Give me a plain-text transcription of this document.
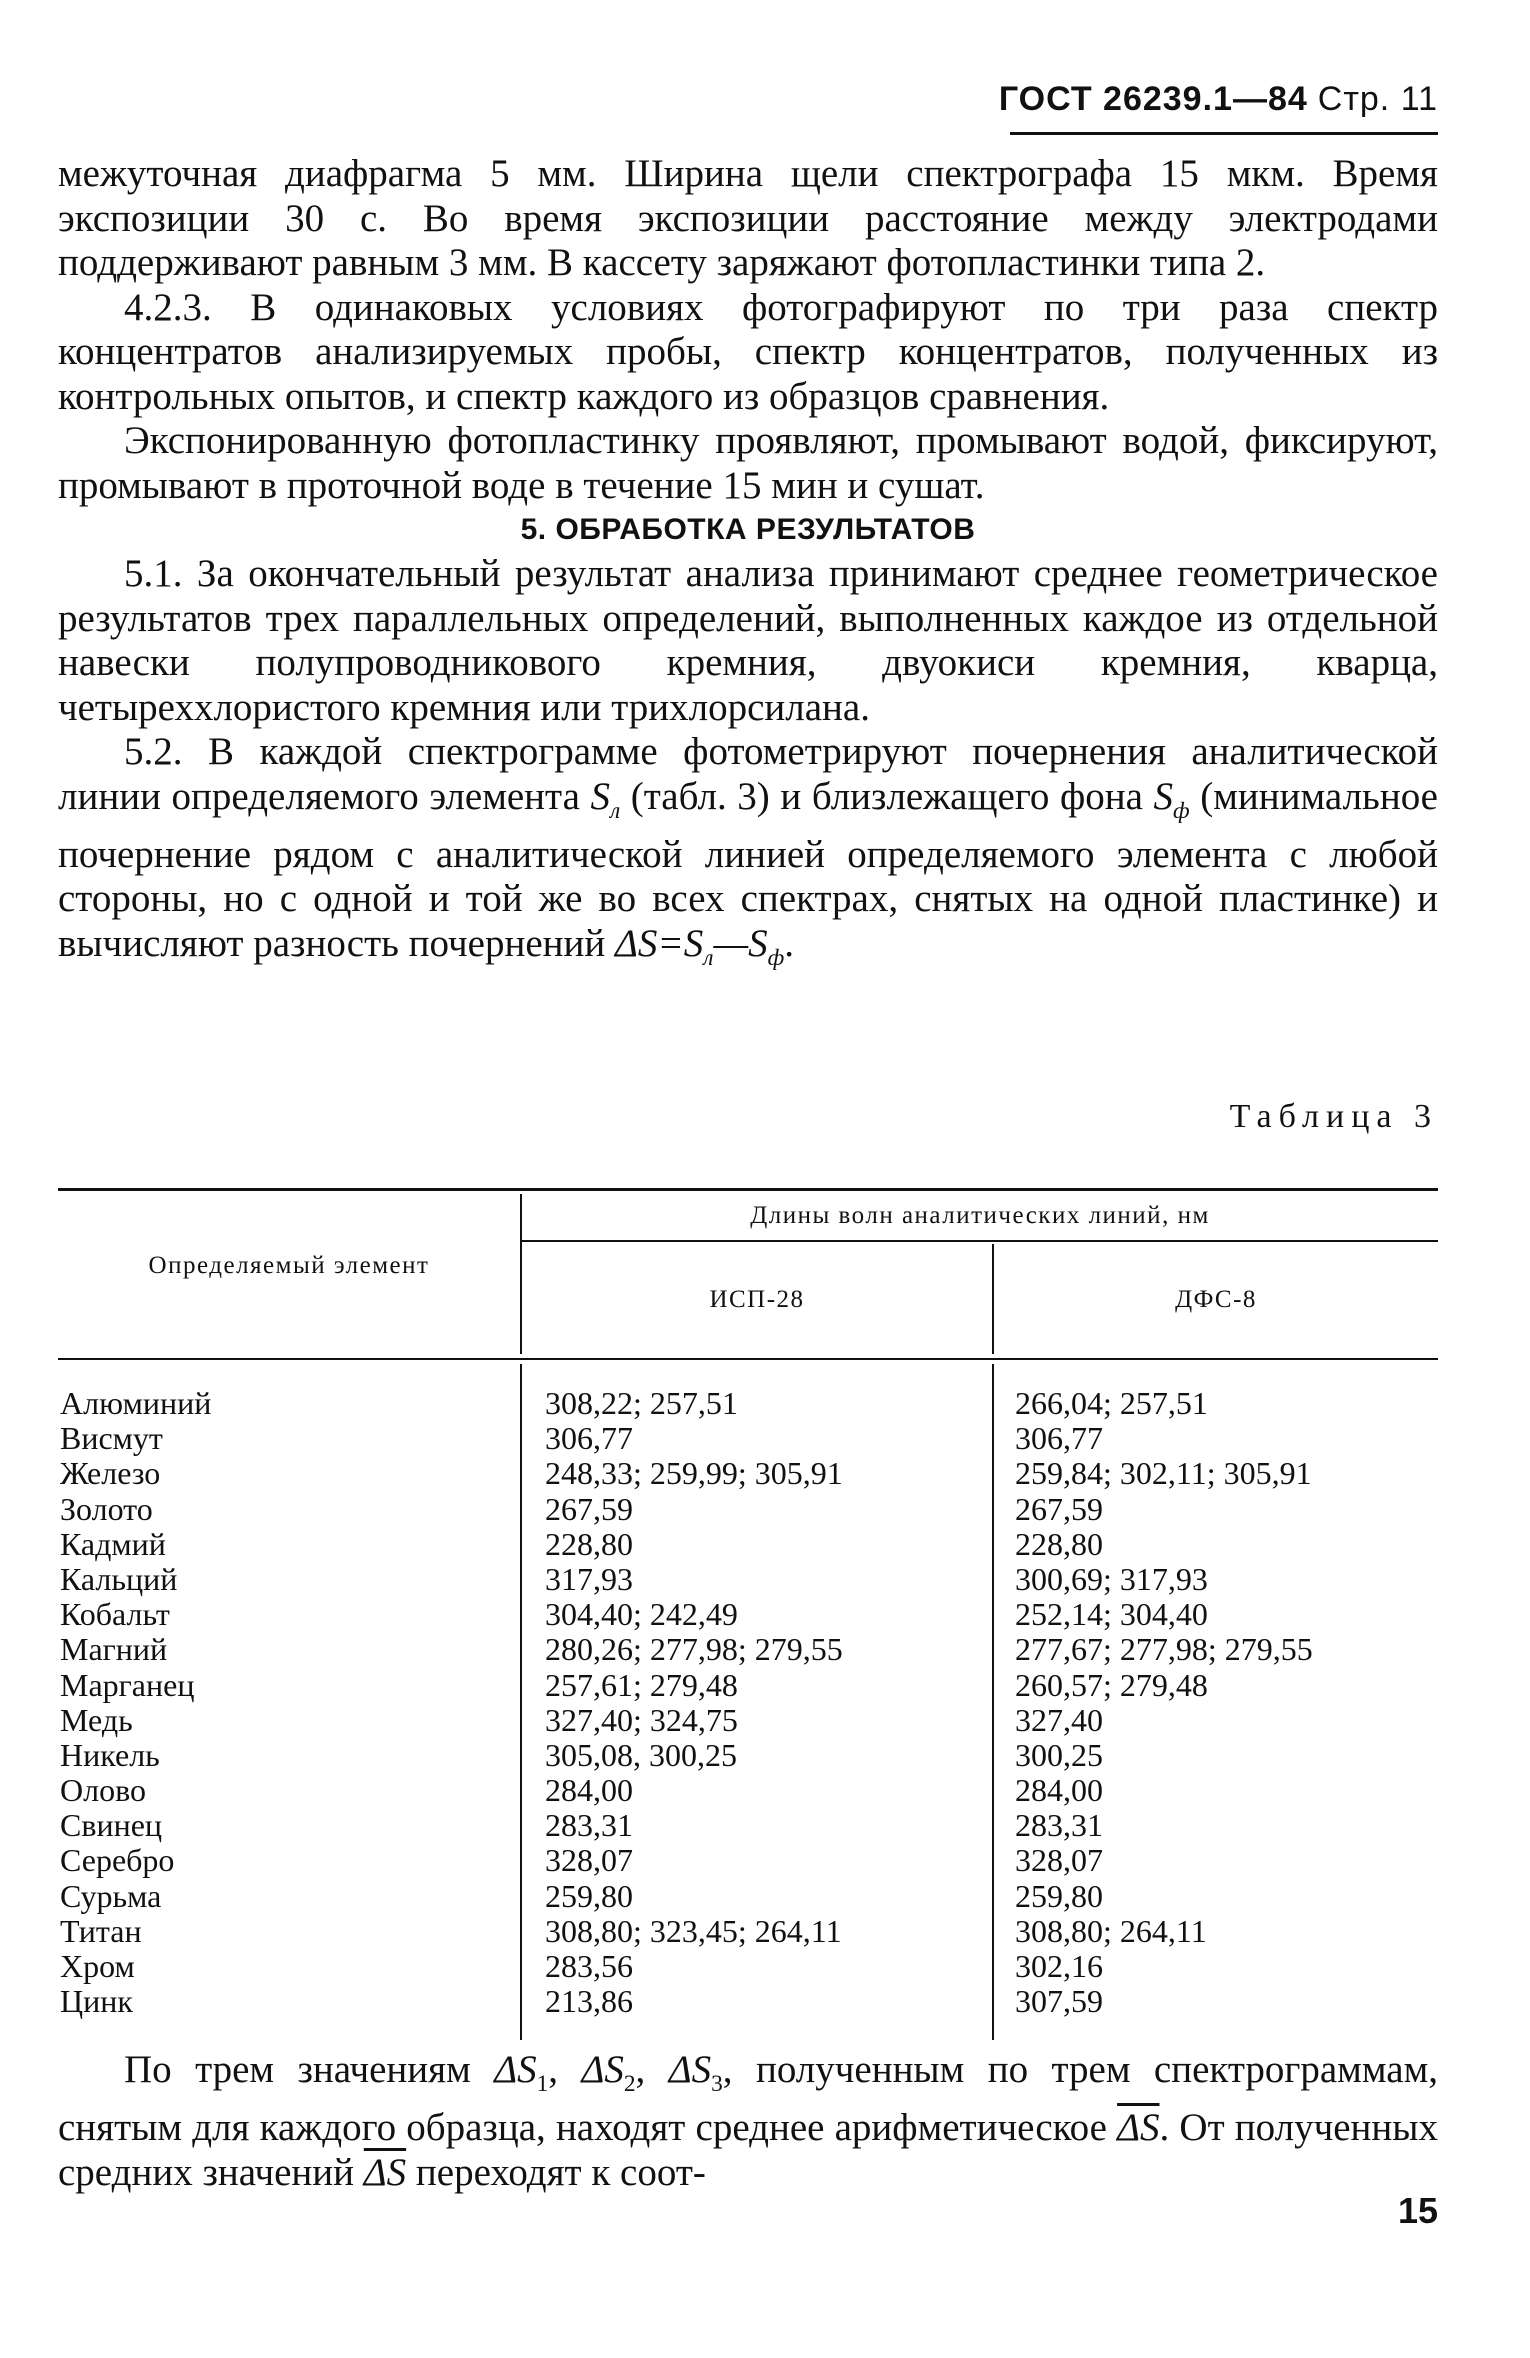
ГОСТ 26239.1—84 Стр. 11

межуточная диафрагма 5 мм. Ширина щели спектрографа 15 мкм. Время экспозиции 30 с. Во время экспозиции расстояние между электродами поддерживают равным 3 мм. В кассету заряжают фотопластинки типа 2.

4.2.3. В одинаковых условиях фотографируют по три раза спектр концентратов анализируемых пробы, спектр концентратов, полученных из контрольных опытов, и спектр каждого из образцов сравнения.

Экспонированную фотопластинку проявляют, промывают водой, фиксируют, промывают в проточной воде в течение 15 мин и сушат.

5. ОБРАБОТКА РЕЗУЛЬТАТОВ

5.1. За окончательный результат анализа принимают среднее геометрическое результатов трех параллельных определений, выполненных каждое из отдельной навески полупроводникового кремния, двуокиси кремния, кварца, четыреххлористого кремния или трихлорсилана.

5.2. В каждой спектрограмме фотометрируют почернения аналитической линии определяемого элемента $S_л$ (табл. 3) и близлежащего фона $S_ф$ (минимальное почернение рядом с аналитической линией определяемого элемента с любой стороны, но с одной и той же во всех спектрах, снятых на одной пластинке) и вычисляют разность почернений $\Delta S=S_л—S_ф$.

Таблица 3
Определяемый элемент
Длины волн аналитических линий, нм
ИСП-28	ДФС-8
Алюминий
Висмут
Железо
Золото
Кадмий
Кальций
Кобальт
Магний
Марганец
Медь
Никель
Олово
Свинец
Серебро
Сурьма
Титан
Хром
Цинк
308,22; 257,51
306,77
248,33; 259,99; 305,91
267,59
228,80
317,93
304,40; 242,49
280,26; 277,98; 279,55
257,61; 279,48
327,40; 324,75
305,08, 300,25
284,00
283,31
328,07
259,80
308,80; 323,45; 264,11
283,56
213,86
266,04; 257,51
306,77
259,84; 302,11; 305,91
267,59
228,80
300,69; 317,93
252,14; 304,40
277,67; 277,98; 279,55
260,57; 279,48
327,40
300,25
284,00
283,31
328,07
259,80
308,80; 264,11
302,16
307,59

По трем значениям $\Delta S_1$, $\Delta S_2$, $\Delta S_3$, полученным по трем спектрограммам, снятым для каждого образца, находят среднее арифметическое $\overline{\Delta S}$. От полученных средних значений $\overline{\Delta S}$ переходят к соот-

15
